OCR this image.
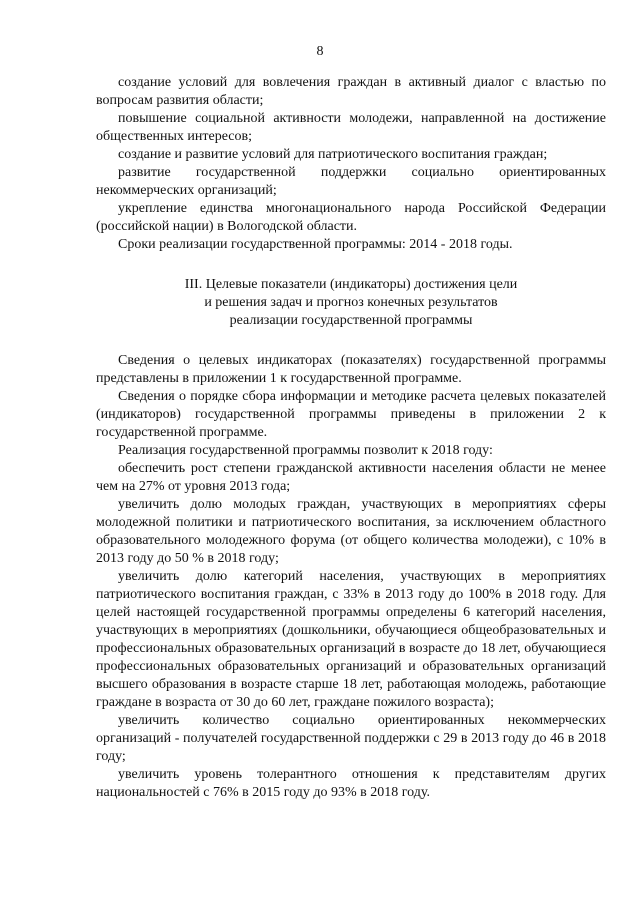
8

создание условий для вовлечения граждан в активный диалог с властью по вопросам развития области;

повышение социальной активности молодежи, направленной на достижение общественных интересов;

создание и развитие условий для патриотического воспитания граждан;

развитие государственной поддержки социально ориентированных некоммерческих организаций;

укрепление единства многонационального народа Российской Федерации (российской нации) в Вологодской области.

Сроки реализации государственной программы: 2014 - 2018 годы.

III. Целевые показатели (индикаторы) достижения цели
и решения задач и прогноз конечных результатов
реализации государственной программы

Сведения о целевых индикаторах (показателях) государственной программы представлены в приложении 1 к государственной программе.

Сведения о порядке сбора информации и методике расчета целевых показателей (индикаторов) государственной программы приведены в приложении 2 к государственной программе.

Реализация государственной программы позволит к 2018 году:

обеспечить рост степени гражданской активности населения области не менее чем на 27% от уровня 2013 года;

увеличить долю молодых граждан, участвующих в мероприятиях сферы молодежной политики и патриотического воспитания, за исключением областного образовательного молодежного форума (от общего количества молодежи), с 10% в 2013 году до 50 % в 2018 году;

увеличить долю категорий населения, участвующих в мероприятиях патриотического воспитания граждан, с 33% в 2013 году до 100% в 2018 году. Для целей настоящей государственной программы определены 6 категорий населения, участвующих в мероприятиях (дошкольники, обучающиеся общеобразовательных и профессиональных образовательных организаций в возрасте до 18 лет, обучающиеся профессиональных образовательных организаций и образовательных организаций высшего образования в возрасте старше 18 лет, работающая молодежь, работающие граждане в возраста от 30 до 60 лет, граждане пожилого возраста);

увеличить количество социально ориентированных некоммерческих организаций - получателей государственной поддержки с 29 в 2013 году до 46 в 2018 году;

увеличить уровень толерантного отношения к представителям других национальностей с 76% в 2015 году до 93% в 2018 году.
